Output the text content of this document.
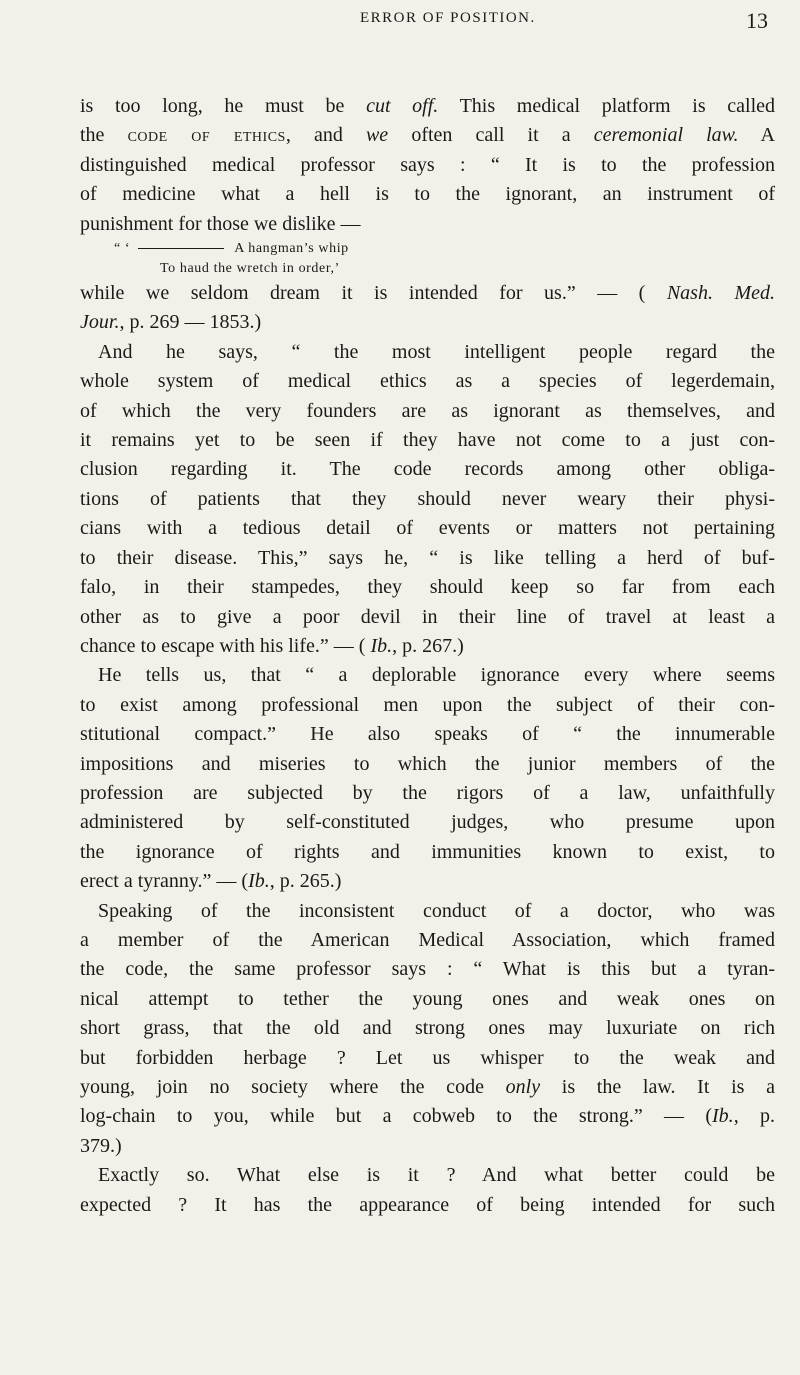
ERROR OF POSITION.	13
is too long, he must be cut off. This medical platform is called
the code of ethics, and we often call it a ceremonial law. A
distinguished medical professor says : “ It is to the profession
of medicine what a hell is to the ignorant, an instrument of
punishment for those we dislike —
“ ‘	A hangman’s whip
To haud the wretch in order,’
while we seldom dream it is intended for us.” — ( Nash. Med.
Jour., p. 269 — 1853.)
And he says, “ the most intelligent people regard the
whole system of medical ethics as a species of legerdemain,
of which the very founders are as ignorant as themselves, and
it remains yet to be seen if they have not come to a just con-
clusion regarding it. The code records among other obliga-
tions of patients that they should never weary their physi-
cians with a tedious detail of events or matters not pertaining
to their disease. This,” says he, “ is like telling a herd of buf-
falo, in their stampedes, they should keep so far from each
other as to give a poor devil in their line of travel at least a
chance to escape with his life.” — ( Ib., p. 267.)
He tells us, that “ a deplorable ignorance every where seems
to exist among professional men upon the subject of their con-
stitutional compact.” He also speaks of “ the innumerable
impositions and miseries to which the junior members of the
profession are subjected by the rigors of a law, unfaithfully
administered by self-constituted judges, who presume upon
the ignorance of rights and immunities known to exist, to
erect a tyranny.” — (Ib., p. 265.)
Speaking of the inconsistent conduct of a doctor, who was
a member of the American Medical Association, which framed
the code, the same professor says : “ What is this but a tyran-
nical attempt to tether the young ones and weak ones on
short grass, that the old and strong ones may luxuriate on rich
but forbidden herbage ? Let us whisper to the weak and
young, join no society where the code only is the law. It is a
log-chain to you, while but a cobweb to the strong.” — (Ib., p.
379.)
Exactly so. What else is it ? And what better could be
expected ? It has the appearance of being intended for such
